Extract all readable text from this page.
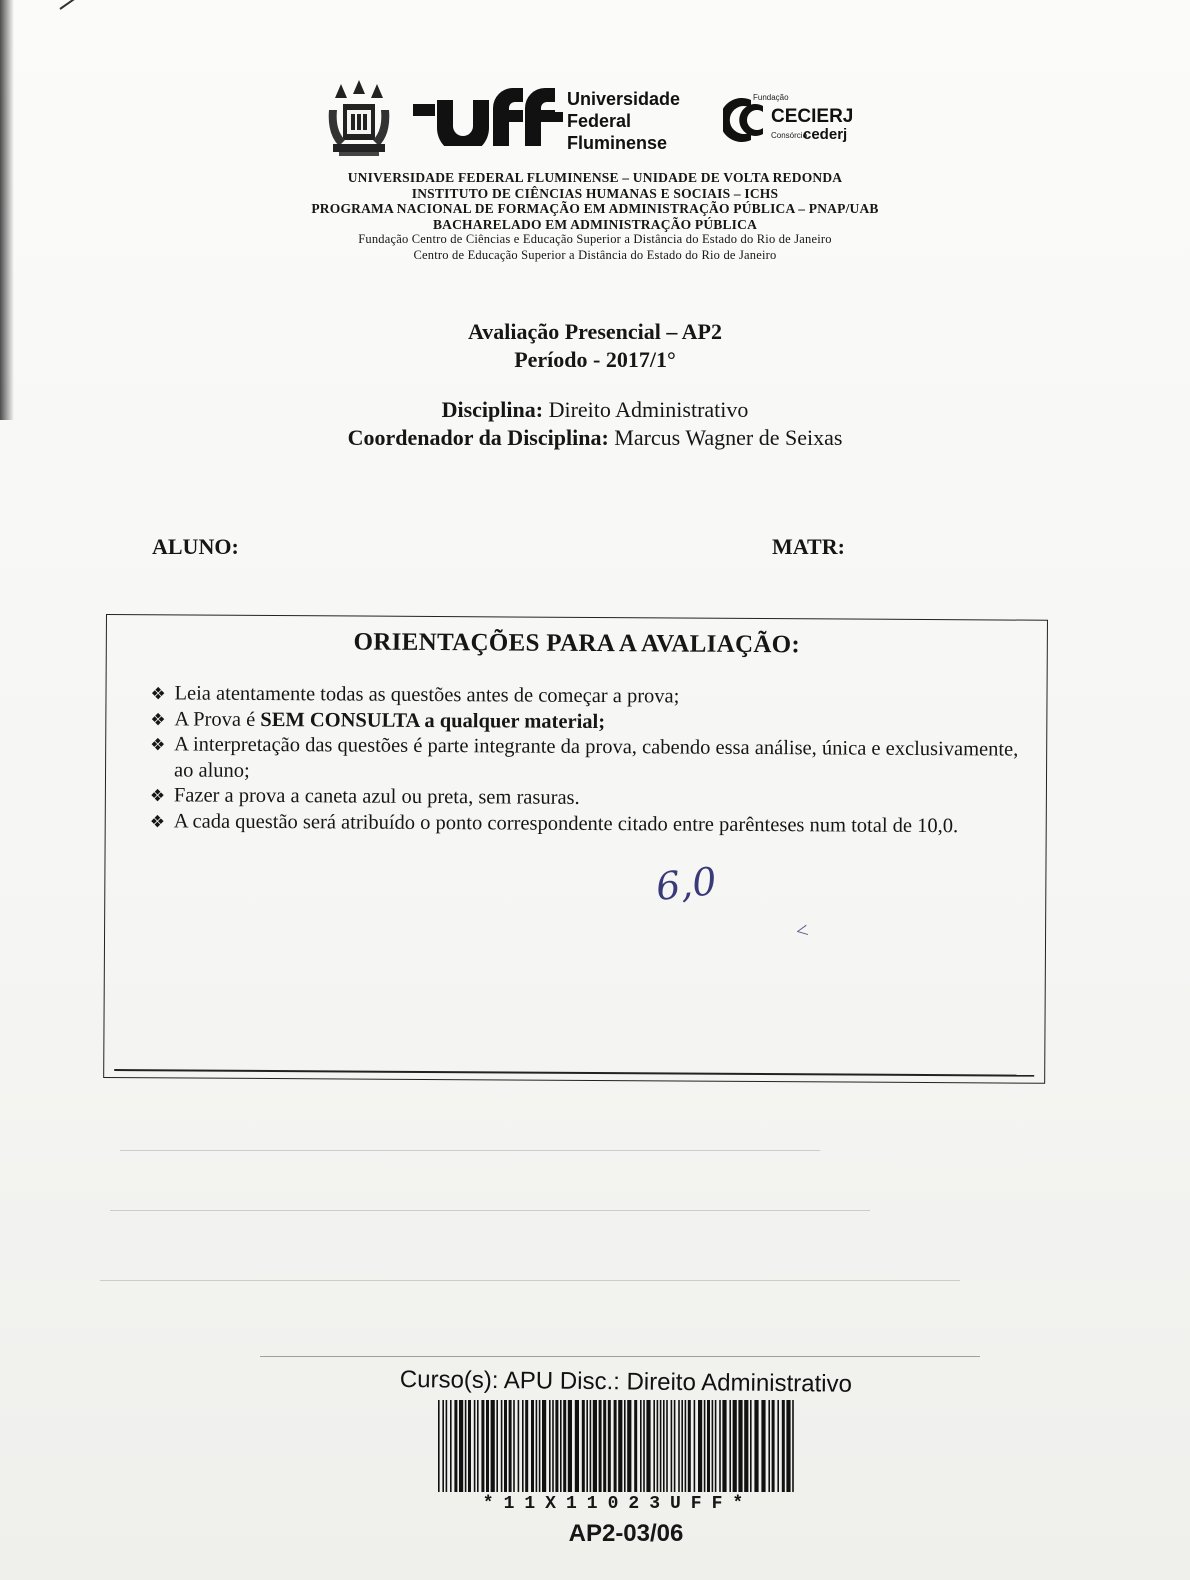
Universidade
Federal
Fluminense
Fundação
CECIERJ
Consórcio
cederj
UNIVERSIDADE FEDERAL FLUMINENSE – UNIDADE DE VOLTA REDONDA
INSTITUTO DE CIÊNCIAS HUMANAS E SOCIAIS – ICHS
PROGRAMA NACIONAL DE FORMAÇÃO EM ADMINISTRAÇÃO PÚBLICA – PNAP/UAB
BACHARELADO EM ADMINISTRAÇÃO PÚBLICA
Fundação Centro de Ciências e Educação Superior a Distância do Estado do Rio de Janeiro
Centro de Educação Superior a Distância do Estado do Rio de Janeiro
Avaliação Presencial – AP2
Período - 2017/1°
Disciplina: Direito Administrativo
Coordenador da Disciplina: Marcus Wagner de Seixas
ALUNO:	MATR:
ORIENTAÇÕES PARA A AVALIAÇÃO:
❖ Leia atentamente todas as questões antes de começar a prova;
❖ A Prova é SEM CONSULTA a qualquer material;
❖ A interpretação das questões é parte integrante da prova, cabendo essa análise, única e exclusivamente, ao aluno;
❖ Fazer a prova a caneta azul ou preta, sem rasuras.
❖ A cada questão será atribuído o ponto correspondente citado entre parênteses num total de 10,0.
6,0
<
Curso(s): APU Disc.: Direito Administrativo
*11X11023UFF*
AP2-03/06
